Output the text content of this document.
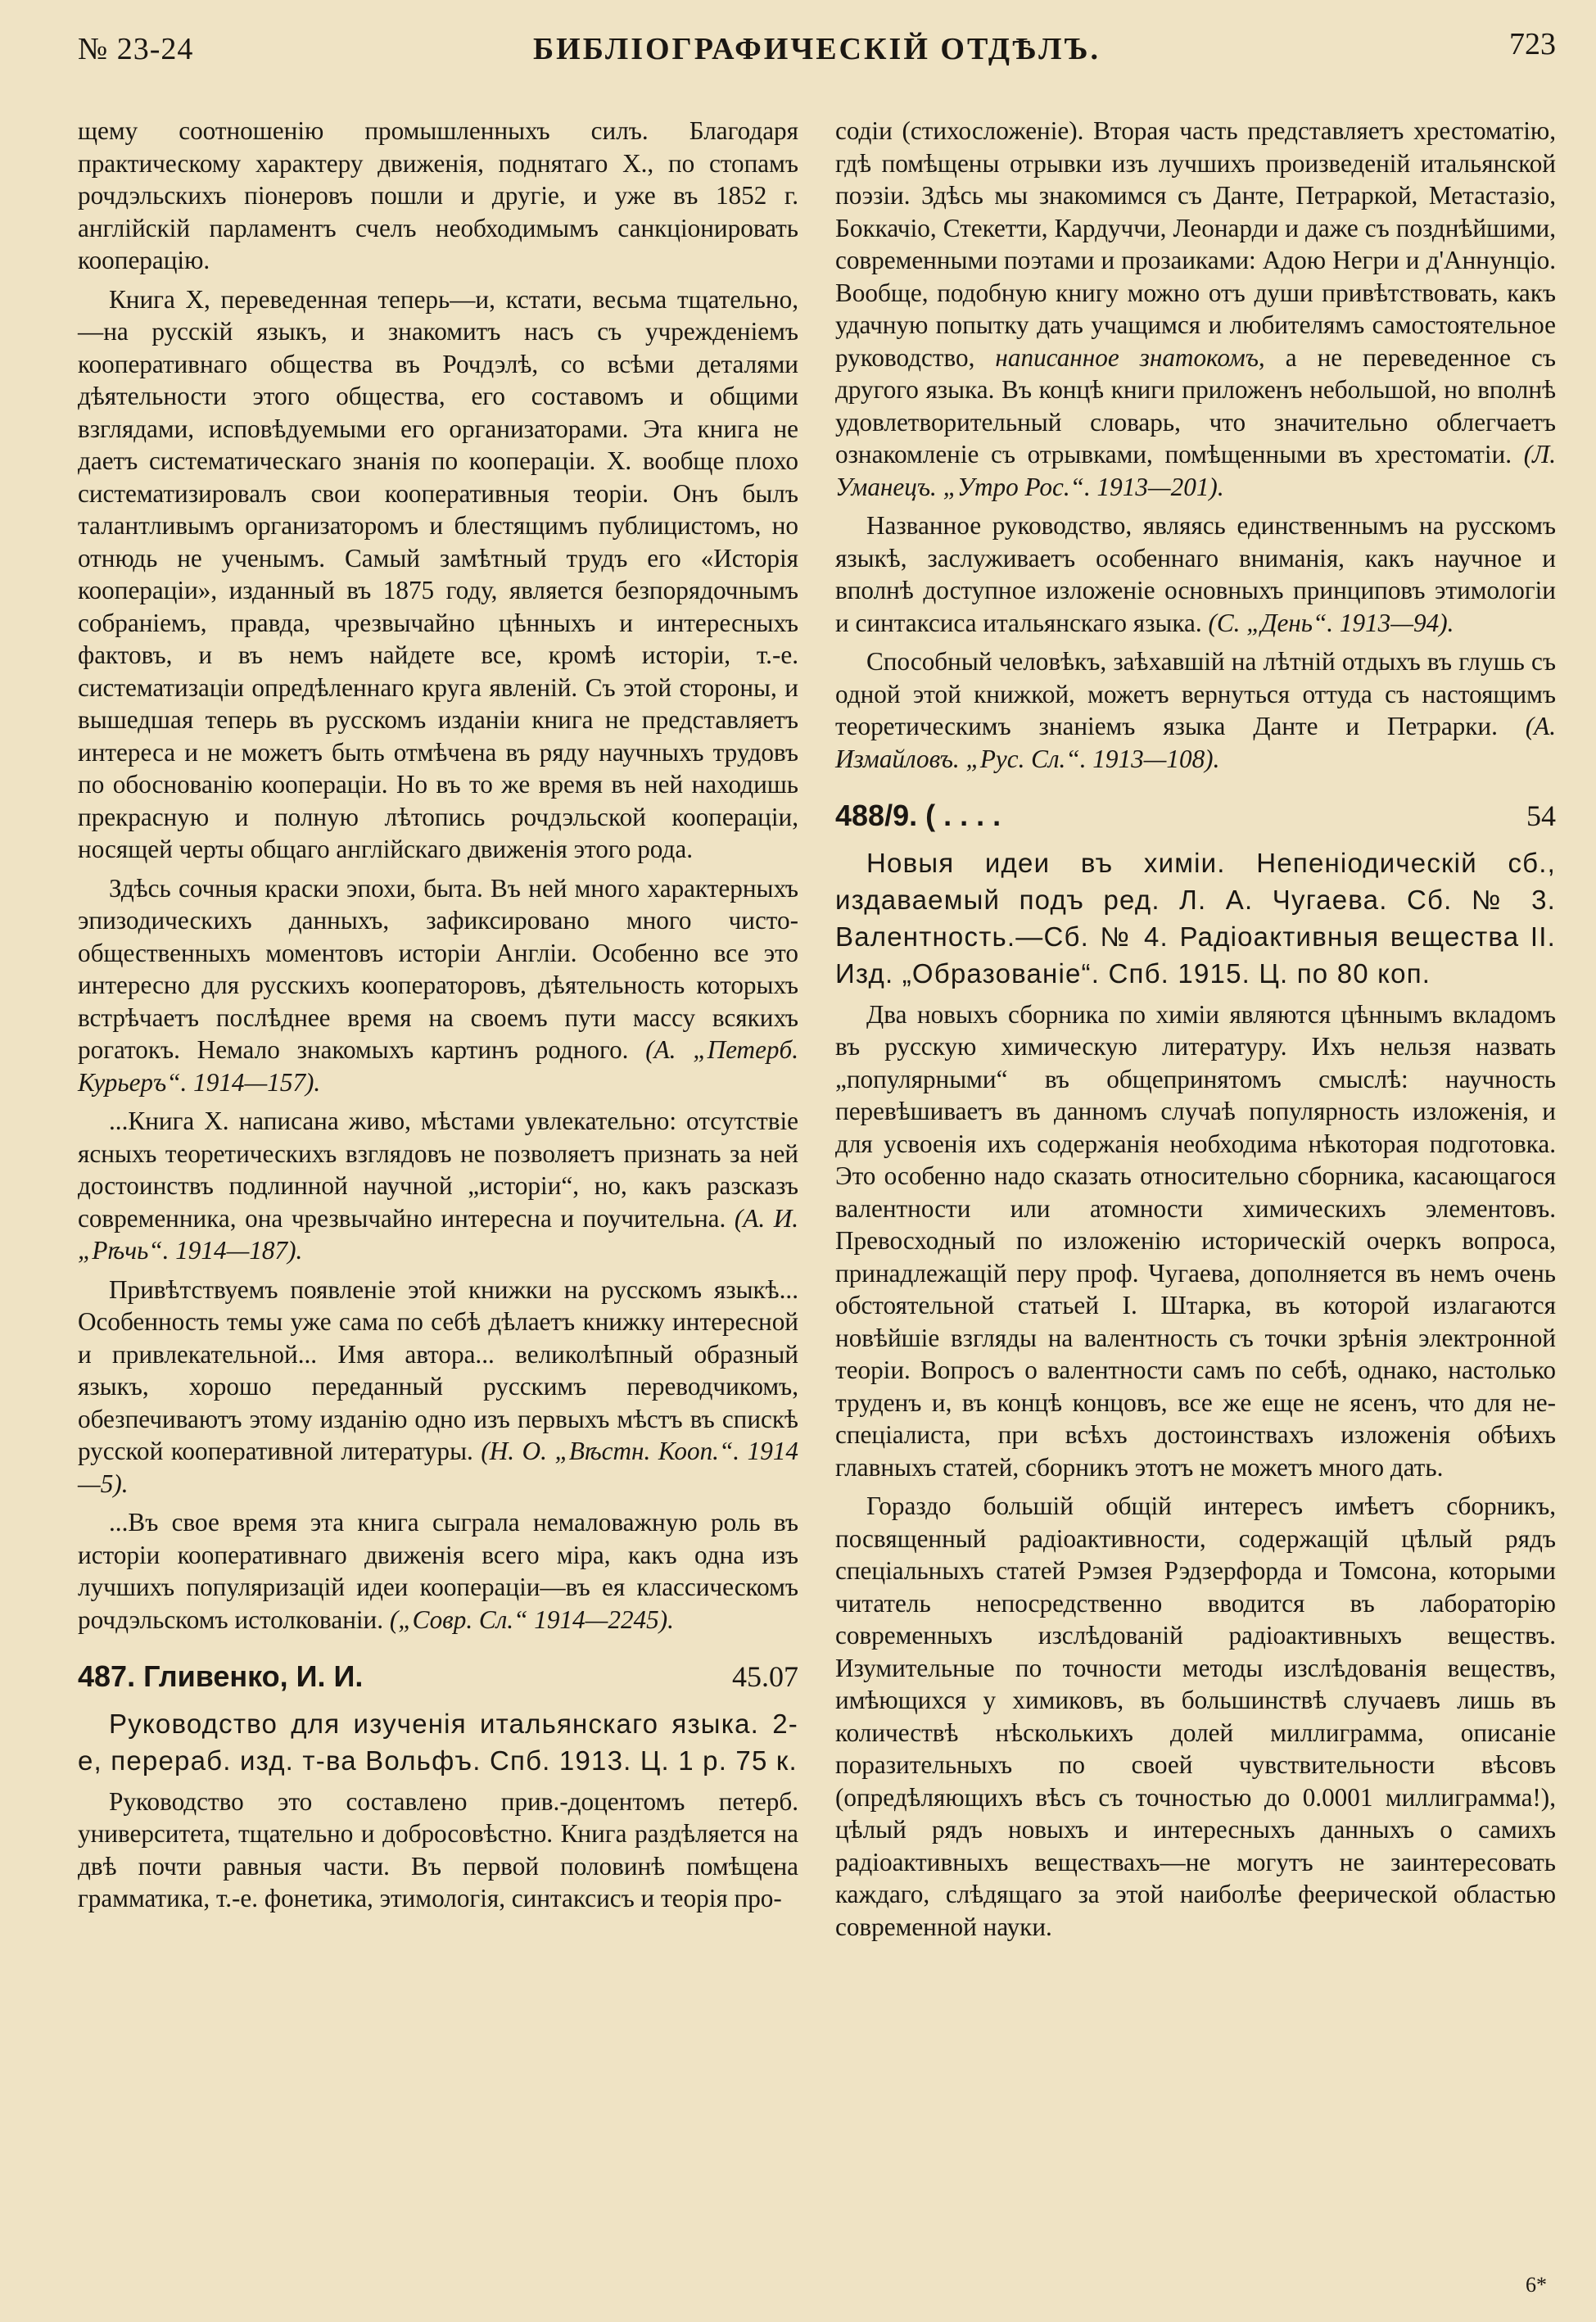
№ 23-24	БИБЛІОГРАФИЧЕСКІЙ ОТДѢЛЪ.	723

щему соотношенію промышленныхъ силъ. Благодаря практическому характеру движенія, поднятаго X., по стопамъ рочдэльскихъ піонеровъ пошли и другіе, и уже въ 1852 г. англійскій парламентъ счелъ необходимымъ санкціонировать кооперацію.

Книга X, переведенная теперь—и, кстати, весьма тщательно,—на русскій языкъ, и знакомитъ насъ съ учрежденіемъ кооперативнаго общества въ Рочдэлѣ, со всѣми деталями дѣятельности этого общества, его составомъ и общими взглядами, исповѣдуемыми его организаторами. Эта книга не даетъ систематическаго знанія по коопераціи. X. вообще плохо систематизировалъ свои кооперативныя теоріи. Онъ былъ талантливымъ организаторомъ и блестящимъ публицистомъ, но отнюдь не ученымъ. Самый замѣтный трудъ его «Исторія коопераціи», изданный въ 1875 году, является безпорядочнымъ собраніемъ, правда, чрезвычайно цѣнныхъ и интересныхъ фактовъ, и въ немъ найдете все, кромѣ исторіи, т.-е. систематизаціи опредѣленнаго круга явленій. Съ этой стороны, и вышедшая теперь въ русскомъ изданіи книга не представляетъ интереса и не можетъ быть отмѣчена въ ряду научныхъ трудовъ по обоснованію коопераціи. Но въ то же время въ ней находишь прекрасную и полную лѣтопись рочдэльской коопераціи, носящей черты общаго англійскаго движенія этого рода.

Здѣсь сочныя краски эпохи, быта. Въ ней много характерныхъ эпизодическихъ данныхъ, зафиксировано много чисто-общественныхъ моментовъ исторіи Англіи. Особенно все это интересно для русскихъ кооператоровъ, дѣятельность которыхъ встрѣчаетъ послѣднее время на своемъ пути массу всякихъ рогатокъ. Немало знакомыхъ картинъ родного. (А. „Петерб. Курьеръ“. 1914—157).

...Книга X. написана живо, мѣстами увлекательно: отсутствіе ясныхъ теоретическихъ взглядовъ не позволяетъ признать за ней достоинствъ подлинной научной „исторіи“, но, какъ разсказъ современника, она чрезвычайно интересна и поучительна. (А. И. „Рѣчь“. 1914—187).

Привѣтствуемъ появленіе этой книжки на русскомъ языкѣ... Особенность темы уже сама по себѣ дѣлаетъ книжку интересной и привлекательной... Имя автора... великолѣпный образный языкъ, хорошо переданный русскимъ переводчикомъ, обезпечиваютъ этому изданію одно изъ первыхъ мѣстъ въ спискѣ русской кооперативной литературы. (Н. О. „Вѣстн. Кооп.“. 1914—5).

...Въ свое время эта книга сыграла немаловажную роль въ исторіи кооперативнаго движенія всего міра, какъ одна изъ лучшихъ популяризацій идеи коопераціи—въ ея классическомъ рочдэльскомъ истолкованіи. („Совр. Сл.“ 1914—2245).

487. Гливенко, И. И.	45.07

Руководство для изученія итальянскаго языка. 2-е, перераб. изд. т-ва Вольфъ. Спб. 1913. Ц. 1 р. 75 к.

Руководство это составлено прив.-доцентомъ петерб. университета, тщательно и добросовѣстно. Книга раздѣляется на двѣ почти равныя части. Въ первой половинѣ помѣщена грамматика, т.-е. фонетика, этимологія, синтаксисъ и теорія про-

содіи (стихосложеніе). Вторая часть представляетъ хрестоматію, гдѣ помѣщены отрывки изъ лучшихъ произведеній итальянской поэзіи. Здѣсь мы знакомимся съ Данте, Петраркой, Метастазіо, Боккачіо, Стекетти, Кардуччи, Леонарди и даже съ позднѣйшими, современными поэтами и прозаиками: Адою Негри и д'Аннунціо. Вообще, подобную книгу можно отъ души привѣтствовать, какъ удачную попытку дать учащимся и любителямъ самостоятельное руководство, написанное знатокомъ, а не переведенное съ другого языка. Въ концѣ книги приложенъ небольшой, но вполнѣ удовлетворительный словарь, что значительно облегчаетъ ознакомленіе съ отрывками, помѣщенными въ хрестоматіи. (Л. Уманецъ. „Утро Рос.“. 1913—201).

Названное руководство, являясь единственнымъ на русскомъ языкѣ, заслуживаетъ особеннаго вниманія, какъ научное и вполнѣ доступное изложеніе основныхъ принциповъ этимологіи и синтаксиса итальянскаго языка. (С. „День“. 1913—94).

Способный человѣкъ, заѣхавшій на лѣтній отдыхъ въ глушь съ одной этой книжкой, можетъ вернуться оттуда съ настоящимъ теоретическимъ знаніемъ языка Данте и Петрарки. (А. Измайловъ. „Рус. Сл.“. 1913—108).

488/9. ( . . . .	54

Новыя идеи въ химіи. Непеніодическій сб., издаваемый подъ ред. Л. А. Чугаева. Сб. № 3. Валентность.—Сб. № 4. Радіоактивныя вещества II. Изд. „Образованіе“. Спб. 1915. Ц. по 80 коп.

Два новыхъ сборника по химіи являются цѣннымъ вкладомъ въ русскую химическую литературу. Ихъ нельзя назвать „популярными“ въ общепринятомъ смыслѣ: научность перевѣшиваетъ въ данномъ случаѣ популярность изложенія, и для усвоенія ихъ содержанія необходима нѣкоторая подготовка. Это особенно надо сказать относительно сборника, касающагося валентности или атомности химическихъ элементовъ. Превосходный по изложенію историческій очеркъ вопроса, принадлежащій перу проф. Чугаева, дополняется въ немъ очень обстоятельной статьей І. Штарка, въ которой излагаются новѣйшіе взгляды на валентность съ точки зрѣнія электронной теоріи. Вопросъ о валентности самъ по себѣ, однако, настолько труденъ и, въ концѣ концовъ, все же еще не ясенъ, что для не-спеціалиста, при всѣхъ достоинствахъ изложенія обѣихъ главныхъ статей, сборникъ этотъ не можетъ много дать.

Гораздо большій общій интересъ имѣетъ сборникъ, посвященный радіоактивности, содержащій цѣлый рядъ спеціальныхъ статей Рэмзея Рэдзерфорда и Томсона, которыми читатель непосредственно вводится въ лабораторію современныхъ изслѣдованій радіоактивныхъ веществъ. Изумительные по точности методы изслѣдованія веществъ, имѣющихся у химиковъ, въ большинствѣ случаевъ лишь въ количествѣ нѣсколькихъ долей миллиграмма, описаніе поразительныхъ по своей чувствительности вѣсовъ (опредѣляющихъ вѣсъ съ точностью до 0.0001 миллиграмма!), цѣлый рядъ новыхъ и интересныхъ данныхъ о самихъ радіоактивныхъ веществахъ—не могутъ не заинтересовать каждаго, слѣдящаго за этой наиболѣе феерической областью современной науки.

6*
